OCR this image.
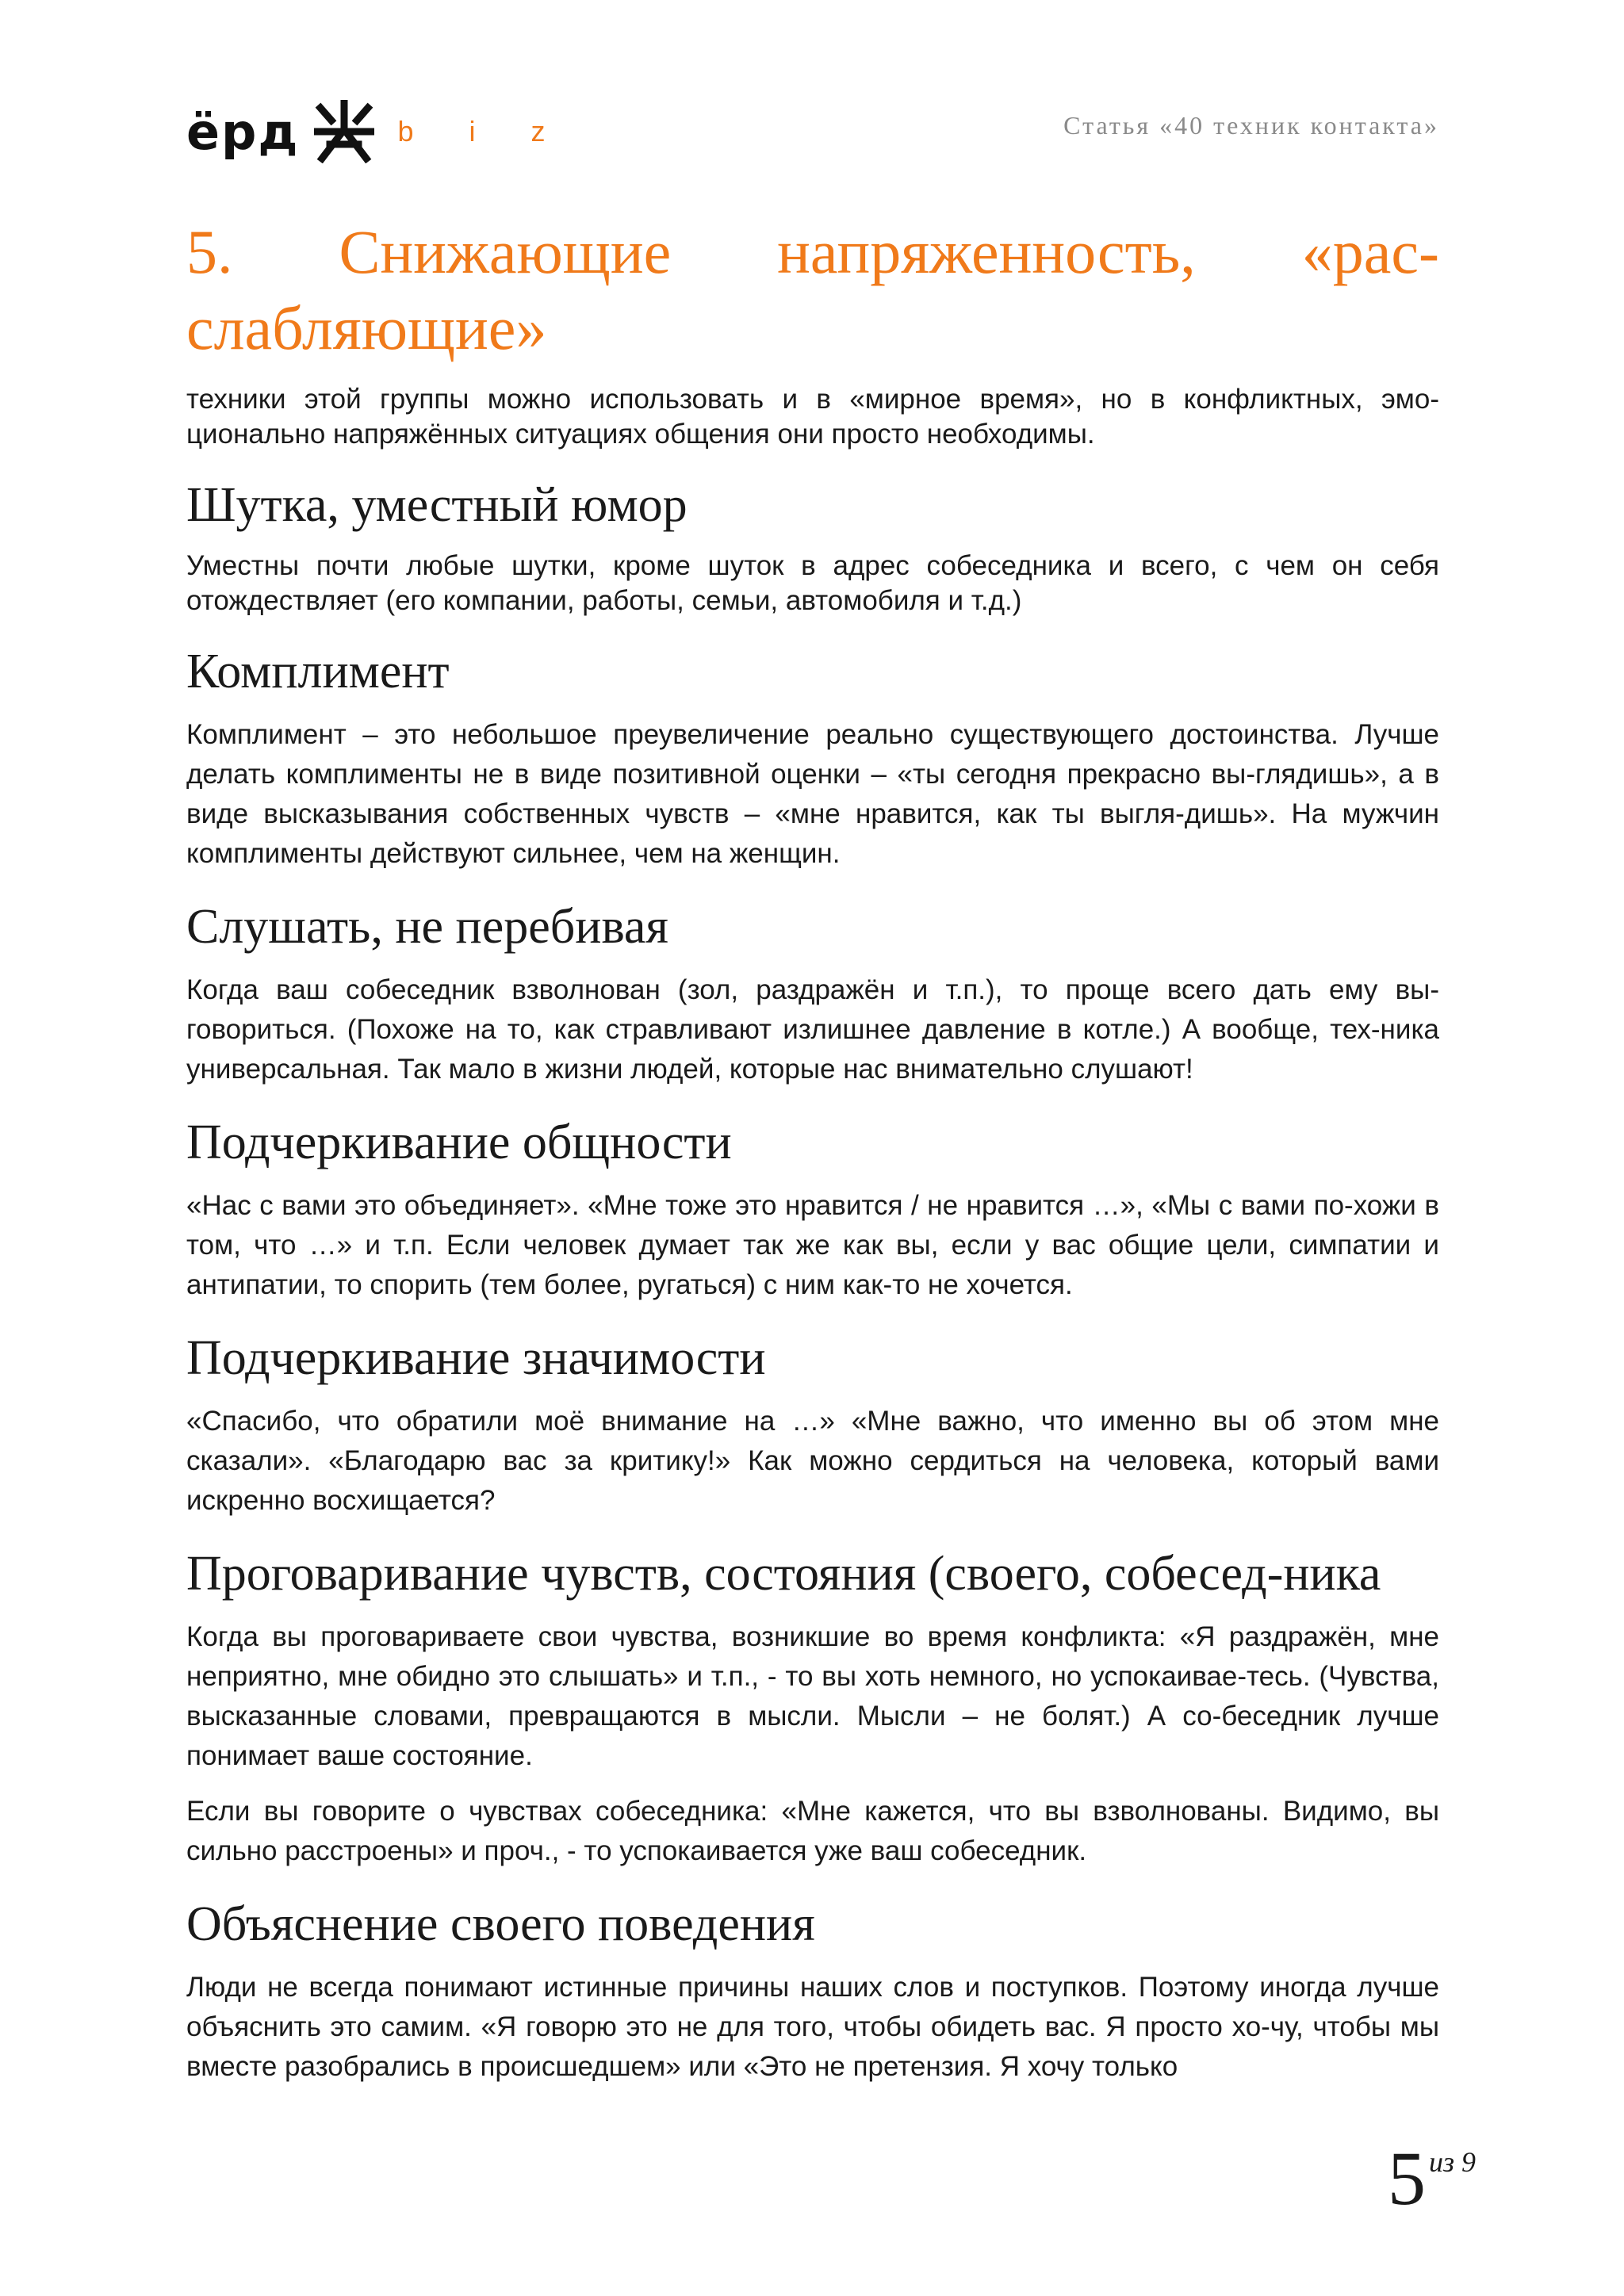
ёрд	b i z	Статья «40 техник контакта»
5. Снижающие напряженность, «рас-слабляющие»

техники этой группы можно использовать и в «мирное время», но в конфликтных, эмо-ционально напряжённых ситуациях общения они просто необходимы.

Шутка, уместный юмор

Уместны почти любые шутки, кроме шуток в адрес собеседника и всего, с чем он себя отождествляет (его компании, работы, семьи, автомобиля и т.д.)

Комплимент

Комплимент – это небольшое преувеличение реально существующего достоинства. Лучше делать комплименты не в виде позитивной оценки – «ты сегодня прекрасно вы-глядишь», а в виде высказывания собственных чувств – «мне нравится, как ты выгля-дишь». На мужчин комплименты действуют сильнее, чем на женщин.

Слушать, не перебивая

Когда ваш собеседник взволнован (зол, раздражён и т.п.), то проще всего дать ему вы-говориться. (Похоже на то, как стравливают излишнее давление в котле.) А вообще, тех-ника универсальная. Так мало в жизни людей, которые нас внимательно слушают!

Подчеркивание общности

«Нас с вами это объединяет». «Мне тоже это нравится / не нравится …», «Мы с вами по-хожи в том, что …» и т.п. Если человек думает так же как вы, если у вас общие цели, симпатии и антипатии, то спорить (тем более, ругаться) с ним как-то не хочется.

Подчеркивание значимости

«Спасибо, что обратили моё внимание на …» «Мне важно, что именно вы об этом мне сказали». «Благодарю вас за критику!» Как можно сердиться на человека, который вами искренно восхищается?

Проговаривание чувств, состояния (своего, собесед-ника

Когда вы проговариваете свои чувства, возникшие во время конфликта: «Я раздражён, мне неприятно, мне обидно это слышать» и т.п., - то вы хоть немного, но успокаивае-тесь. (Чувства, высказанные словами, превращаются в мысли. Мысли – не болят.) А со-беседник лучше понимает ваше состояние.

Если вы говорите о чувствах собеседника: «Мне кажется, что вы взволнованы. Видимо, вы сильно расстроены» и проч., - то успокаивается уже ваш собеседник.

Объяснение своего поведения

Люди не всегда понимают истинные причины наших слов и поступков. Поэтому иногда лучше объяснить это самим. «Я говорю это не для того, чтобы обидеть вас. Я просто хо-чу, чтобы мы вместе разобрались в происшедшем» или «Это не претензия. Я хочу только

5 из 9
